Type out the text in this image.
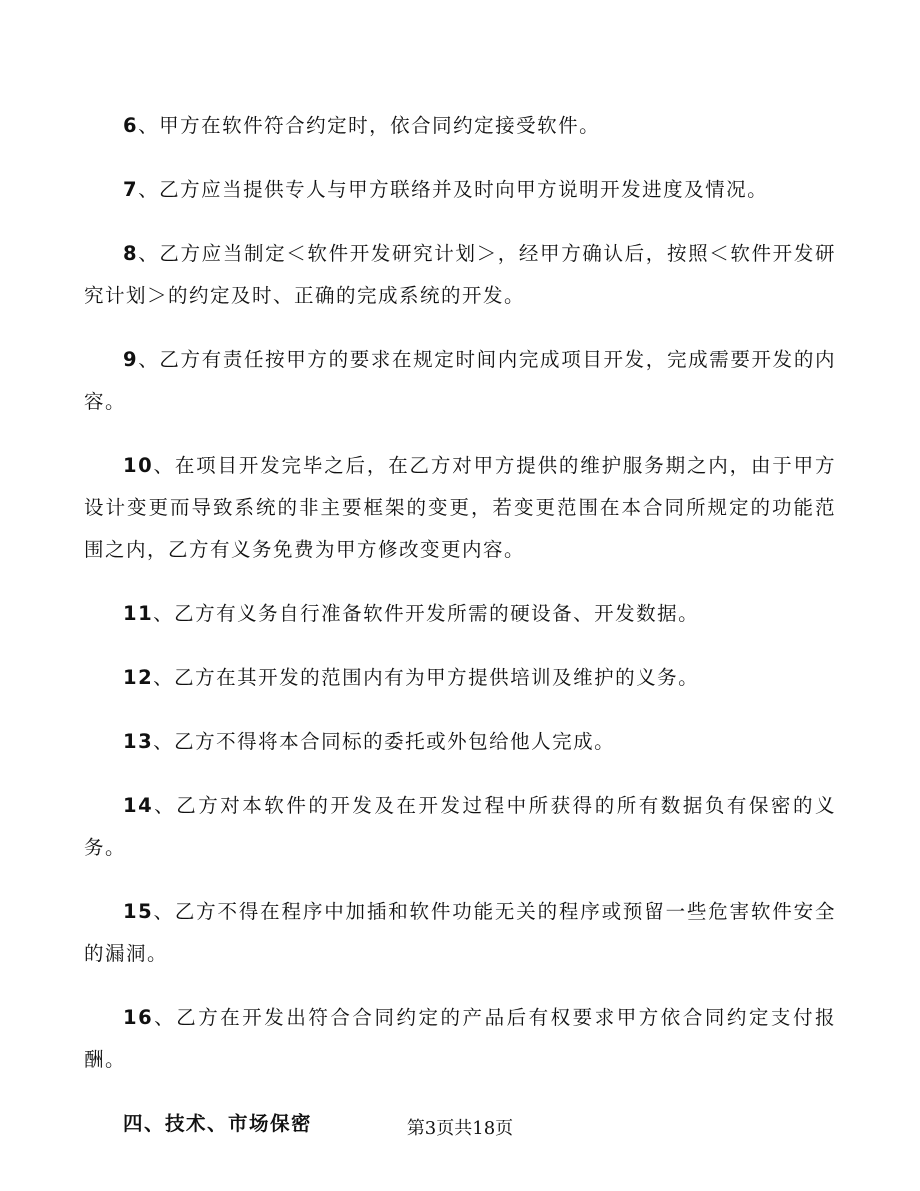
6、甲方在软件符合约定时，依合同约定接受软件。

7、乙方应当提供专人与甲方联络并及时向甲方说明开发进度及情况。

8、乙方应当制定＜软件开发研究计划＞，经甲方确认后，按照＜软件开发研究计划＞的约定及时、正确的完成系统的开发。

9、乙方有责任按甲方的要求在规定时间内完成项目开发，完成需要开发的内容。

10、在项目开发完毕之后，在乙方对甲方提供的维护服务期之内，由于甲方设计变更而导致系统的非主要框架的变更，若变更范围在本合同所规定的功能范围之内，乙方有义务免费为甲方修改变更内容。

11、乙方有义务自行准备软件开发所需的硬设备、开发数据。

12、乙方在其开发的范围内有为甲方提供培训及维护的义务。

13、乙方不得将本合同标的委托或外包给他人完成。

14、乙方对本软件的开发及在开发过程中所获得的所有数据负有保密的义务。

15、乙方不得在程序中加插和软件功能无关的程序或预留一些危害软件安全的漏洞。

16、乙方在开发出符合合同约定的产品后有权要求甲方依合同约定支付报酬。

四、技术、市场保密	第3页共18页
